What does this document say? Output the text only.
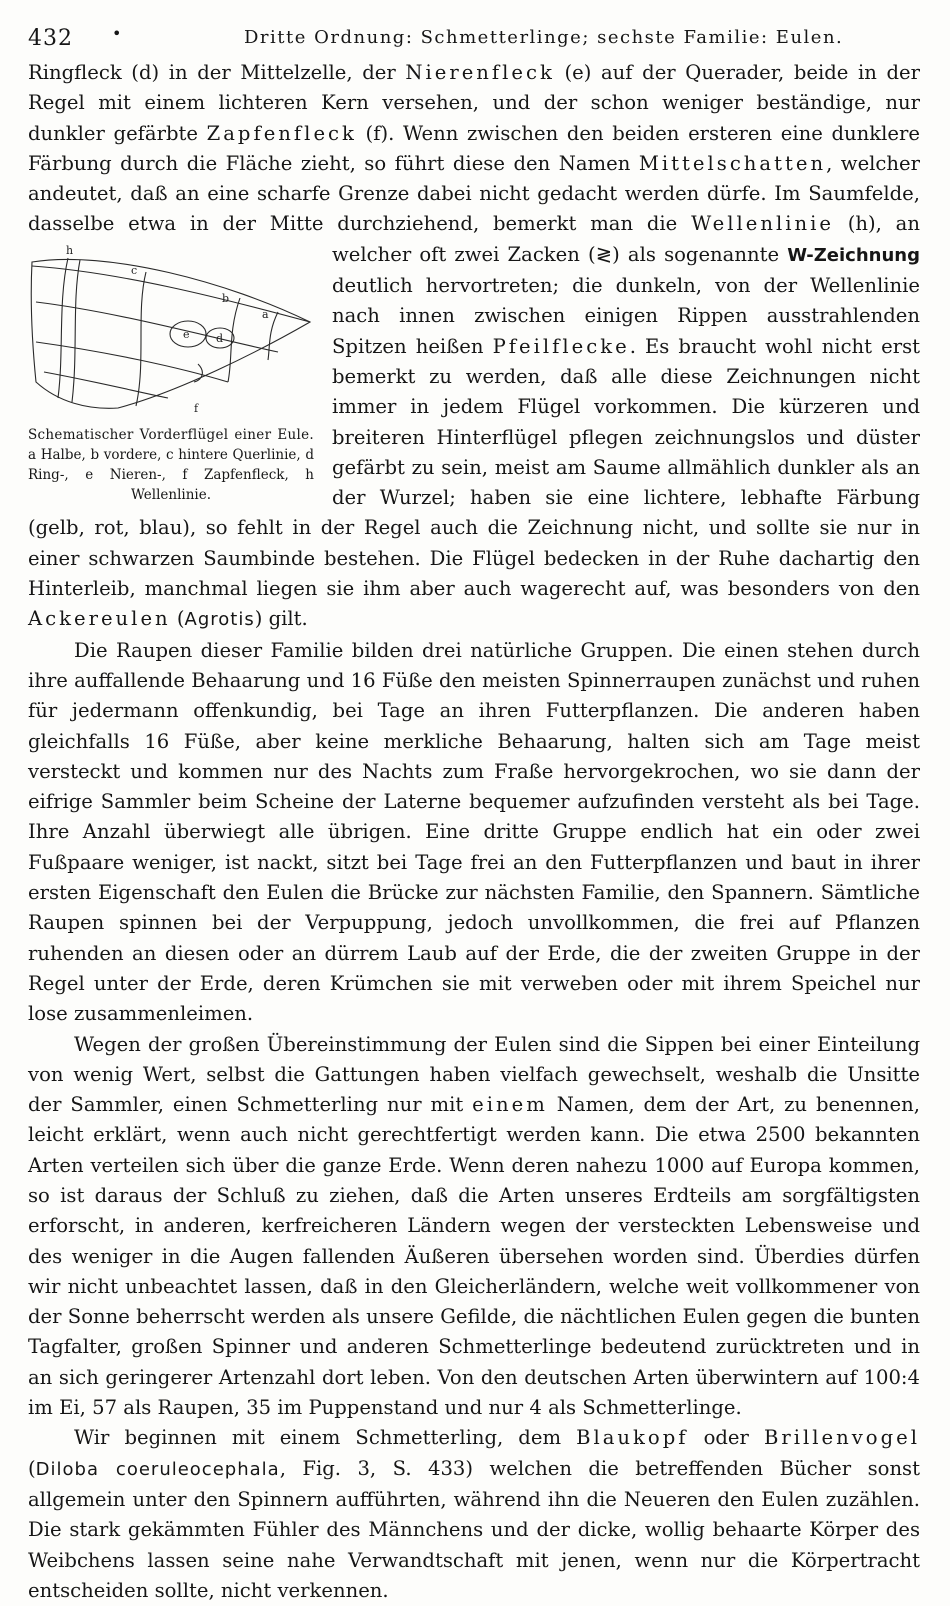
432 •	Dritte Ordnung: Schmetterlinge; sechste Familie: Eulen.

Ringfleck (d) in der Mittelzelle, der Nierenfleck (e) auf der Querader, beide in der Regel mit einem lichteren Kern versehen, und der schon weniger beständige, nur dunkler gefärbte Zapfenfleck (f). Wenn zwischen den beiden ersteren eine dunklere Färbung durch die Fläche zieht, so führt diese den Namen Mittelschatten, welcher andeutet, daß an eine scharfe Grenze dabei nicht gedacht werden dürfe. Im Saumfelde, dasselbe etwa in der Mitte durchziehend, bemerkt man die
h
c
b
a
e d
f
Schematischer Vorderflügel einer Eule. a Halbe, b vordere, c hintere Querlinie, d Ring-, e Nieren-, f Zapfenfleck, h Wellenlinie.
Wellenlinie (h), an welcher oft zwei Zacken (≷) als sogenannte W-Zeichnung deutlich hervortreten; die dunkeln, von der Wellenlinie nach innen zwischen einigen Rippen ausstrahlenden Spitzen heißen Pfeilflecke. Es braucht wohl nicht erst bemerkt zu werden, daß alle diese Zeichnungen nicht immer in jedem Flügel vorkommen. Die kürzeren und breiteren Hinterflügel pflegen zeichnungslos und düster gefärbt zu sein, meist am Saume allmählich dunkler als an der Wurzel; haben sie eine lichtere, lebhafte Färbung (gelb, rot, blau), so fehlt in der Regel auch die Zeichnung nicht, und sollte sie nur in einer schwarzen Saumbinde bestehen. Die Flügel bedecken in der Ruhe dachartig den Hinterleib, manchmal liegen sie ihm aber auch wagerecht auf, was besonders von den Ackereulen (Agrotis) gilt.

Die Raupen dieser Familie bilden drei natürliche Gruppen. Die einen stehen durch ihre auffallende Behaarung und 16 Füße den meisten Spinnerraupen zunächst und ruhen für jedermann offenkundig, bei Tage an ihren Futterpflanzen. Die anderen haben gleichfalls 16 Füße, aber keine merkliche Behaarung, halten sich am Tage meist versteckt und kommen nur des Nachts zum Fraße hervorgekrochen, wo sie dann der eifrige Sammler beim Scheine der Laterne bequemer aufzufinden versteht als bei Tage. Ihre Anzahl überwiegt alle übrigen. Eine dritte Gruppe endlich hat ein oder zwei Fußpaare weniger, ist nackt, sitzt bei Tage frei an den Futterpflanzen und baut in ihrer ersten Eigenschaft den Eulen die Brücke zur nächsten Familie, den Spannern. Sämtliche Raupen spinnen bei der Verpuppung, jedoch unvollkommen, die frei auf Pflanzen ruhenden an diesen oder an dürrem Laub auf der Erde, die der zweiten Gruppe in der Regel unter der Erde, deren Krümchen sie mit verweben oder mit ihrem Speichel nur lose zusammenleimen.

Wegen der großen Übereinstimmung der Eulen sind die Sippen bei einer Einteilung von wenig Wert, selbst die Gattungen haben vielfach gewechselt, weshalb die Unsitte der Sammler, einen Schmetterling nur mit einem Namen, dem der Art, zu benennen, leicht erklärt, wenn auch nicht gerechtfertigt werden kann. Die etwa 2500 bekannten Arten verteilen sich über die ganze Erde. Wenn deren nahezu 1000 auf Europa kommen, so ist daraus der Schluß zu ziehen, daß die Arten unseres Erdteils am sorgfältigsten erforscht, in anderen, kerfreicheren Ländern wegen der versteckten Lebensweise und des weniger in die Augen fallenden Äußeren übersehen worden sind. Überdies dürfen wir nicht unbeachtet lassen, daß in den Gleicherländern, welche weit vollkommener von der Sonne beherrscht werden als unsere Gefilde, die nächtlichen Eulen gegen die bunten Tagfalter, großen Spinner und anderen Schmetterlinge bedeutend zurücktreten und in an sich geringerer Artenzahl dort leben. Von den deutschen Arten überwintern auf 100:4 im Ei, 57 als Raupen, 35 im Puppenstand und nur 4 als Schmetterlinge.

Wir beginnen mit einem Schmetterling, dem Blaukopf oder Brillenvogel (Diloba coeruleocephala, Fig. 3, S. 433) welchen die betreffenden Bücher sonst allgemein unter den Spinnern aufführten, während ihn die Neueren den Eulen zuzählen. Die stark gekämmten Fühler des Männchens und der dicke, wollig behaarte Körper des Weibchens lassen seine nahe Verwandtschaft mit jenen, wenn nur die Körpertracht entscheiden sollte, nicht verkennen.
